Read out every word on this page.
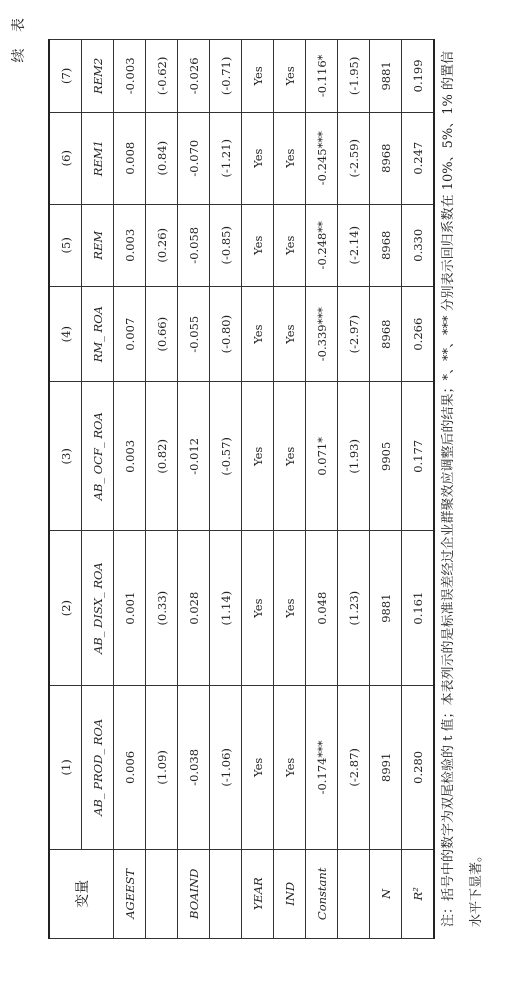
续 表
变量	(1)	(2)	(3)	(4)	(5)	(6)	(7)
	AB_ PROD_ ROA	AB_ DISX_ ROA	AB_ OCF_ ROA	RM_ ROA	REM	REM1	REM2
AGEEST	0.006	0.001	0.003	0.007	0.003	0.008	-0.003
	(1.09)	(0.33)	(0.82)	(0.66)	(0.26)	(0.84)	(-0.62)
BOAIND	-0.038	0.028	-0.012	-0.055	-0.058	-0.070	-0.026
	(-1.06)	(1.14)	(-0.57)	(-0.80)	(-0.85)	(-1.21)	(-0.71)
YEAR	Yes	Yes	Yes	Yes	Yes	Yes	Yes
IND	Yes	Yes	Yes	Yes	Yes	Yes	Yes
Constant	-0.174***	0.048	0.071*	-0.339***	-0.248**	-0.245***	-0.116*
	(-2.87)	(1.23)	(1.93)	(-2.97)	(-2.14)	(-2.59)	(-1.95)
N	8991	9881	9905	8968	8968	8968	9881
R²	0.280	0.161	0.177	0.266	0.330	0.247	0.199	注：括号中的数字为双尾检验的 t 值；本表列示的是标准误差经过企业群聚效应调整后的结果；*、**、*** 分别表示回归系数在 10%、5%、1% 的置信水平下显著。
